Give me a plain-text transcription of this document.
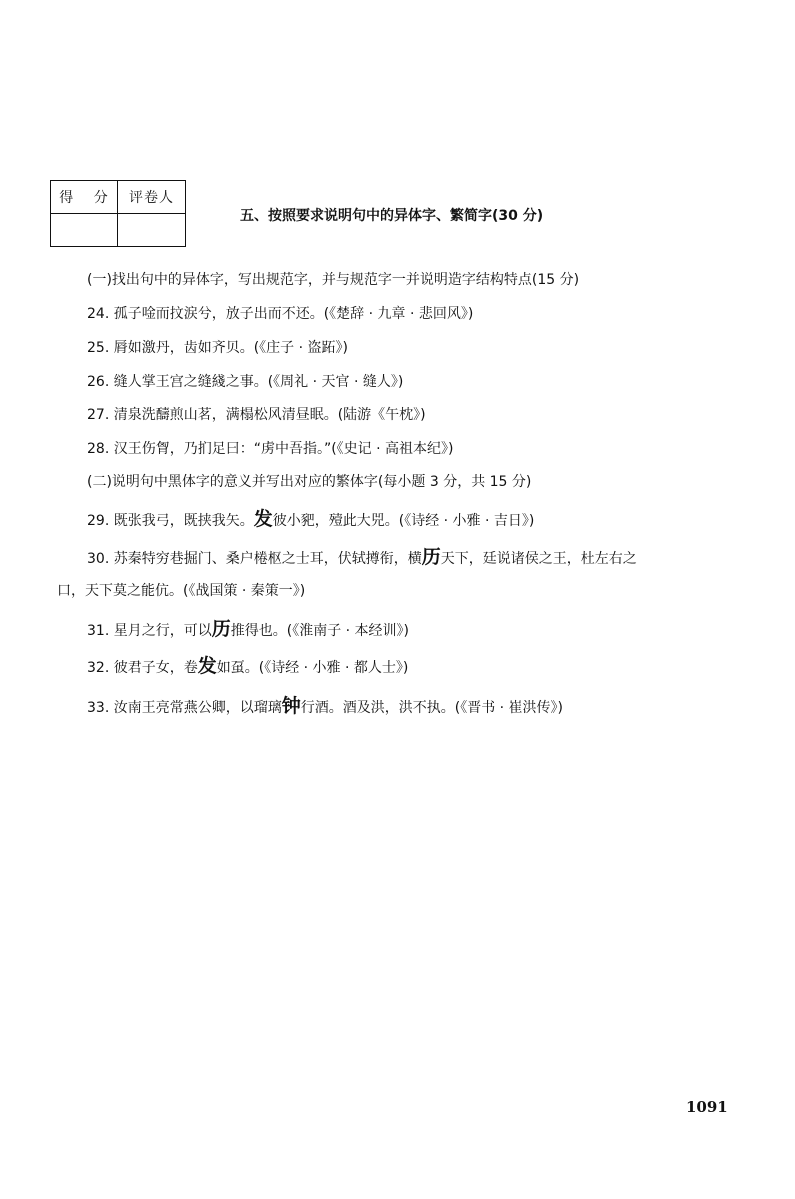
得 分	评卷人
五、按照要求说明句中的异体字、繁简字(30 分)
(一)找出句中的异体字，写出规范字，并与规范字一并说明造字结构特点(15 分)
24. 孤子唫而抆涙兮，放子出而不还。(《楚辞 · 九章 · 悲回风》)
25. 脣如激丹，齿如齐贝。(《庄子 · 盗跖》)
26. 缝人掌王宫之缝綫之事。(《周礼 · 天官 · 缝人》)
27. 清泉洗醻煎山茗，满榻松风清昼眠。(陆游《午枕》)
28. 汉王伤胷，乃扪足曰：“虏中吾指。”(《史记 · 高祖本纪》)
(二)说明句中黑体字的意义并写出对应的繁体字(每小题 3 分，共 15 分)
29. 既张我弓，既挟我矢。发彼小豝，殪此大兕。(《诗经 · 小雅 · 吉日》)
30. 苏秦特穷巷掘门、桑户棬枢之士耳，伏轼撙衔，横历天下，廷说诸侯之王，杜左右之
口，天下莫之能伉。(《战国策 · 秦策一》)
31. 星月之行，可以历推得也。(《淮南子 · 本经训》)
32. 彼君子女，卷发如虿。(《诗经 · 小雅 · 都人士》)
33. 汝南王亮常燕公卿，以瑠璃钟行酒。酒及洪，洪不执。(《晋书 · 崔洪传》)
1091
